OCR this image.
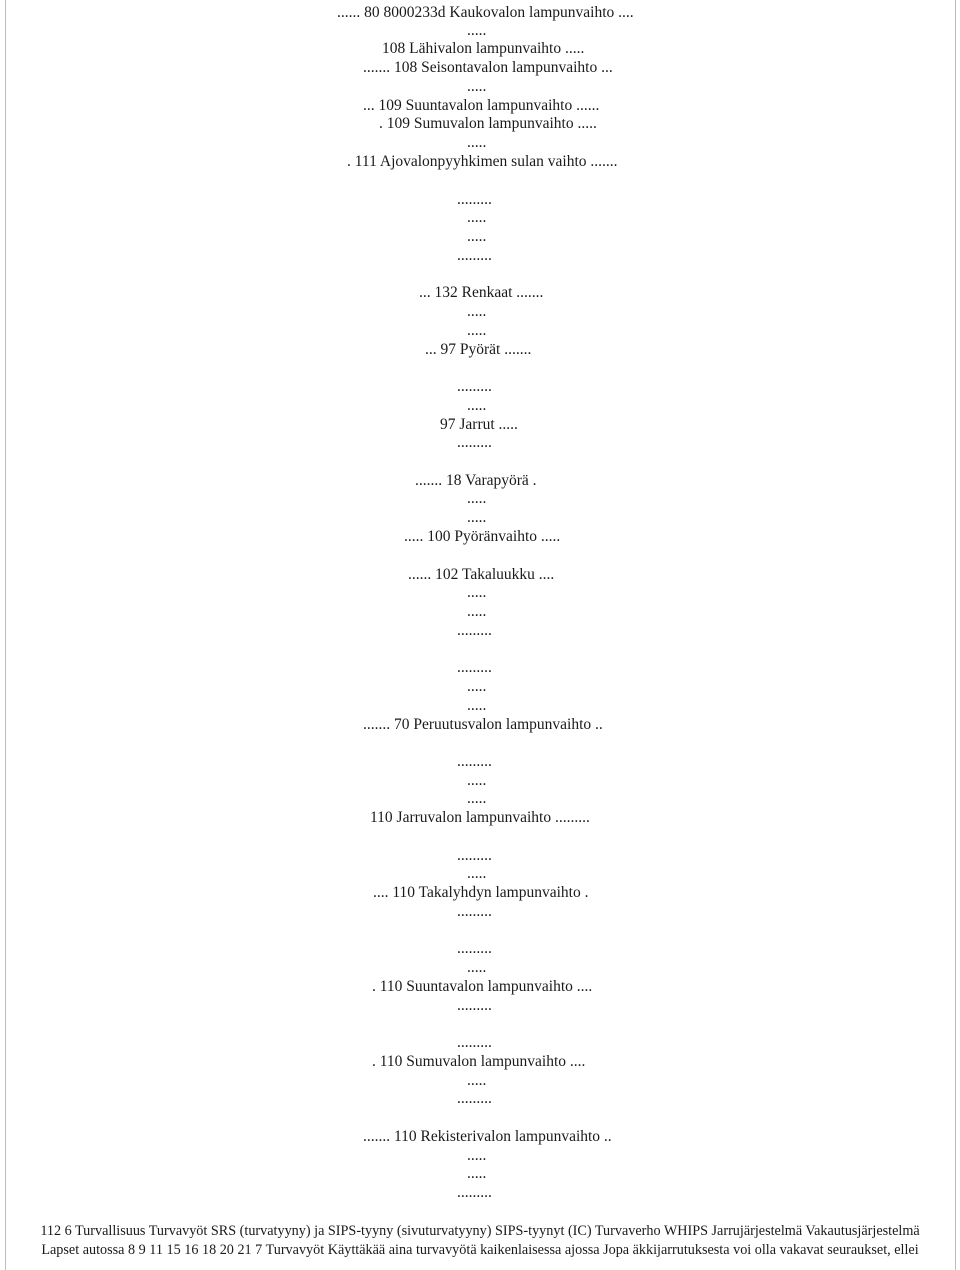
...... 80 8000233d Kaukovalon lampunvaihto ....
.....
108 Lähivalon lampunvaihto .....
....... 108 Seisontavalon lampunvaihto ...
.....
... 109 Suuntavalon lampunvaihto ......
. 109 Sumuvalon lampunvaihto .....
.....
. 111 Ajovalonpyyhkimen sulan vaihto .......
.........
.....
.....
.........
... 132 Renkaat .......
.....
.....
... 97 Pyörät .......
.........
.....
97 Jarrut .....
.........
....... 18 Varapyörä .
.....
.....
..... 100 Pyöränvaihto .....
...... 102 Takaluukku ....
.....
.....
.........
.........
.....
.....
....... 70 Peruutusvalon lampunvaihto ..
.........
.....
.....
110 Jarruvalon lampunvaihto .........
.........
.....
.... 110 Takalyhdyn lampunvaihto .
.........
.........
.....
. 110 Suuntavalon lampunvaihto ....
.........
.........
. 110 Sumuvalon lampunvaihto ....
.....
.........
....... 110 Rekisterivalon lampunvaihto ..
.....
.....
.........
112 6 Turvallisuus Turvavyöt SRS (turvatyyny) ja SIPS-tyyny (sivuturvatyyny) SIPS-tyynyt (IC) Turvaverho WHIPS Jarrujärjestelmä Vakautusjärjestelmä
Lapset autossa 8 9 11 15 16 18 20 21 7 Turvavyöt Käyttäkää aina turvavyötä kaikenlaisessa ajossa Jopa äkkijarrutuksesta voi olla vakavat seuraukset, ellei
